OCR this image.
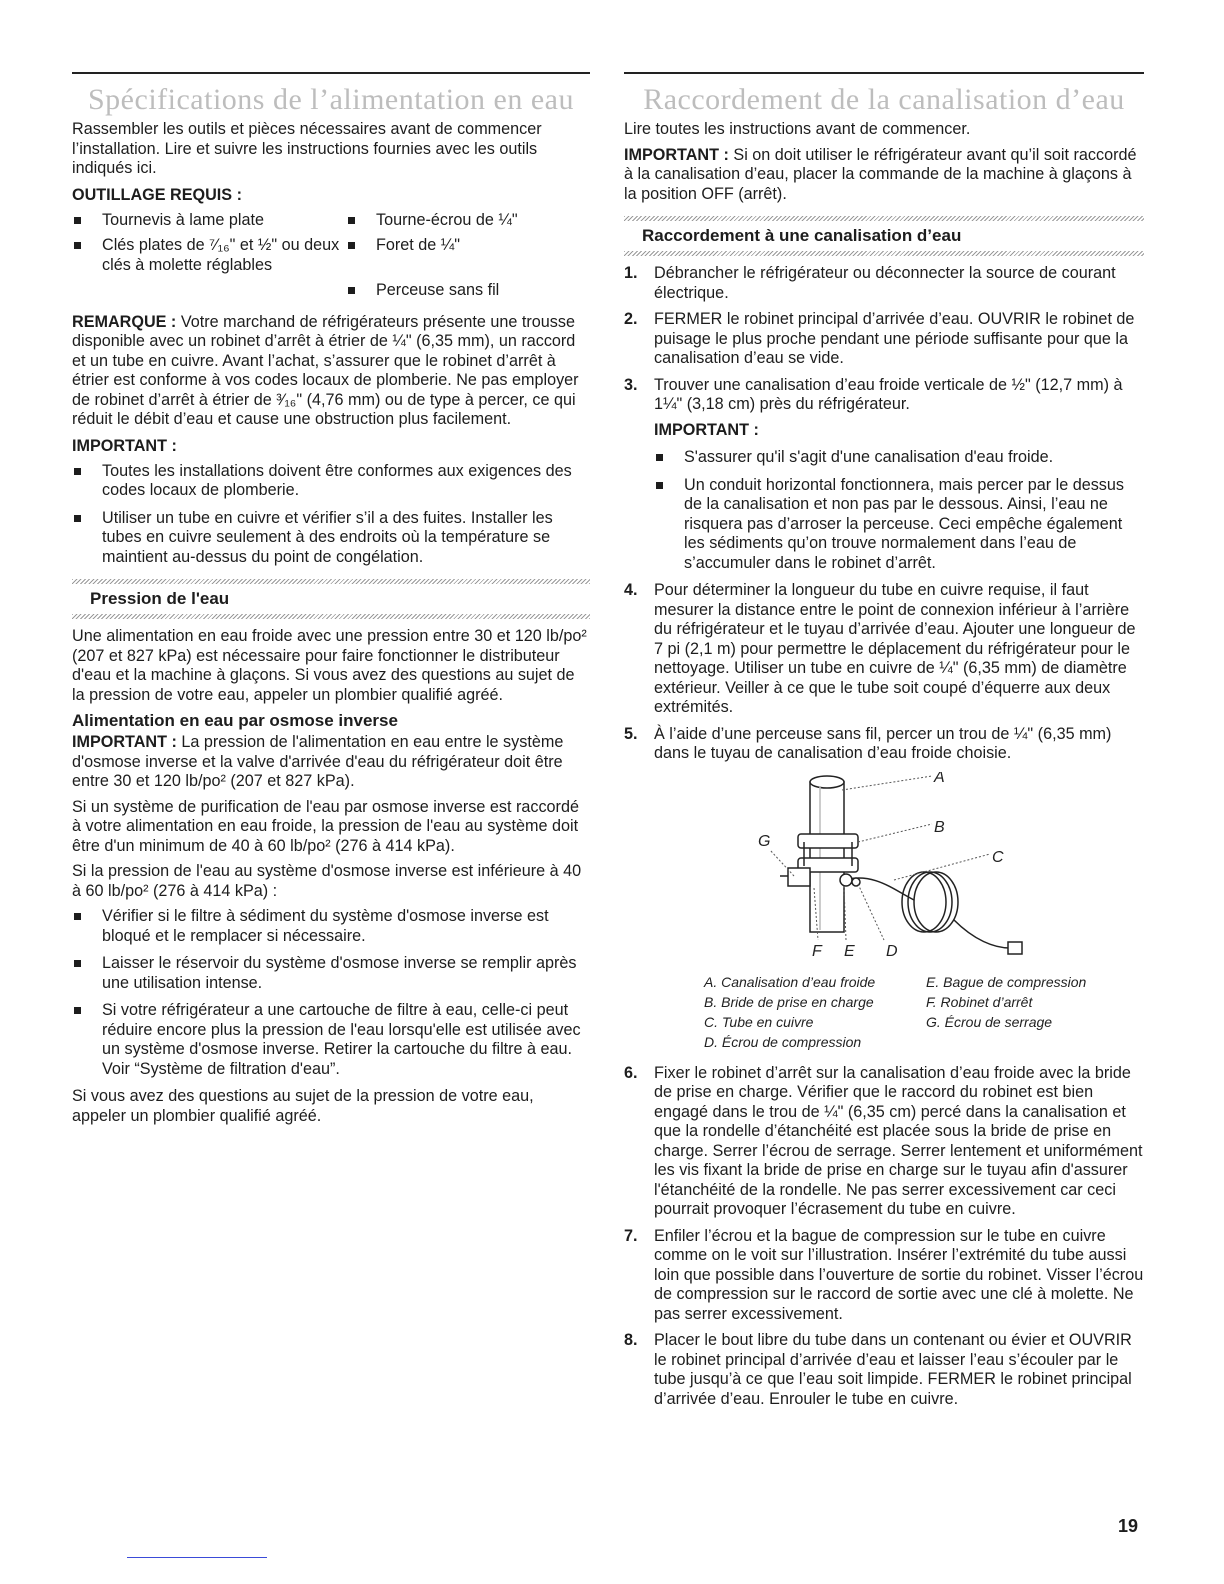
Spécifications de l’alimentation en eau

Rassembler les outils et pièces nécessaires avant de commencer l’installation. Lire et suivre les instructions fournies avec les outils indiqués ici.

OUTILLAGE REQUIS :
Tournevis à lame plate	Tourne-écrou de ¼"
Clés plates de ⁷⁄₁₆" et ½" ou deux clés à molette réglables
Foret de ¼"
Perceuse sans fil

REMARQUE : Votre marchand de réfrigérateurs présente une trousse disponible avec un robinet d’arrêt à étrier de ¼" (6,35 mm), un raccord et un tube en cuivre. Avant l’achat, s’assurer que le robinet d’arrêt à étrier est conforme à vos codes locaux de plomberie. Ne pas employer de robinet d’arrêt à étrier de ³⁄₁₆" (4,76 mm) ou de type à percer, ce qui réduit le débit d’eau et cause une obstruction plus facilement.

IMPORTANT :
Toutes les installations doivent être conformes aux exigences des codes locaux de plomberie.
Utiliser un tube en cuivre et vérifier s’il a des fuites. Installer les tubes en cuivre seulement à des endroits où la température se maintient au-dessus du point de congélation.
Pression de l'eau

Une alimentation en eau froide avec une pression entre 30 et 120 lb/po² (207 et 827 kPa) est nécessaire pour faire fonctionner le distributeur d'eau et la machine à glaçons. Si vous avez des questions au sujet de la pression de votre eau, appeler un plombier qualifié agréé.

Alimentation en eau par osmose inverse

IMPORTANT : La pression de l'alimentation en eau entre le système d'osmose inverse et la valve d'arrivée d'eau du réfrigérateur doit être entre 30 et 120 lb/po² (207 et 827 kPa).

Si un système de purification de l'eau par osmose inverse est raccordé à votre alimentation en eau froide, la pression de l'eau au système doit être d'un minimum de 40 à 60 lb/po² (276 à 414 kPa).

Si la pression de l'eau au système d'osmose inverse est inférieure à 40 à 60 lb/po² (276 à 414 kPa) :

Vérifier si le filtre à sédiment du système d'osmose inverse est bloqué et le remplacer si nécessaire.
Laisser le réservoir du système d'osmose inverse se remplir après une utilisation intense.
Si votre réfrigérateur a une cartouche de filtre à eau, celle-ci peut réduire encore plus la pression de l'eau lorsqu'elle est utilisée avec un système d'osmose inverse. Retirer la cartouche du filtre à eau. Voir “Système de filtration d'eau”.

Si vous avez des questions au sujet de la pression de votre eau, appeler un plombier qualifié agréé.

Raccordement de la canalisation d’eau

Lire toutes les instructions avant de commencer.

IMPORTANT : Si on doit utiliser le réfrigérateur avant qu’il soit raccordé à la canalisation d’eau, placer la commande de la machine à glaçons à la position OFF (arrêt).

Raccordement à une canalisation d’eau
1. Débrancher le réfrigérateur ou déconnecter la source de courant électrique.
2. FERMER le robinet principal d’arrivée d’eau. OUVRIR le robinet de puisage le plus proche pendant une période suffisante pour que la canalisation d’eau se vide.
3. Trouver une canalisation d’eau froide verticale de ½" (12,7 mm) à 1¼" (3,18 cm) près du réfrigérateur.
IMPORTANT :
S'assurer qu'il s'agit d'une canalisation d'eau froide.
Un conduit horizontal fonctionnera, mais percer par le dessus de la canalisation et non pas par le dessous. Ainsi, l’eau ne risquera pas d’arroser la perceuse. Ceci empêche également les sédiments qu’on trouve normalement dans l’eau de s’accumuler dans le robinet d’arrêt.
4. Pour déterminer la longueur du tube en cuivre requise, il faut mesurer la distance entre le point de connexion inférieur à l’arrière du réfrigérateur et le tuyau d’arrivée d’eau. Ajouter une longueur de 7 pi (2,1 m) pour permettre le déplacement du réfrigérateur pour le nettoyage. Utiliser un tube en cuivre de ¼" (6,35 mm) de diamètre extérieur. Veiller à ce que le tube soit coupé d’équerre aux deux extrémités.
5. À l’aide d’une perceuse sans fil, percer un trou de ¼" (6,35 mm) dans le tuyau de canalisation d’eau froide choisie.
A
B
C
D
E
F
G
A. Canalisation d’eau froide	E. Bague de compression
B. Bride de prise en charge	F. Robinet d’arrêt
C. Tube en cuivre	G. Écrou de serrage
D. Écrou de compression
6. Fixer le robinet d’arrêt sur la canalisation d’eau froide avec la bride de prise en charge. Vérifier que le raccord du robinet est bien engagé dans le trou de ¼" (6,35 cm) percé dans la canalisation et que la rondelle d’étanchéité est placée sous la bride de prise en charge. Serrer l’écrou de serrage. Serrer lentement et uniformément les vis fixant la bride de prise en charge sur le tuyau afin d'assurer l'étanchéité de la rondelle. Ne pas serrer excessivement car ceci pourrait provoquer l’écrasement du tube en cuivre.
7. Enfiler l’écrou et la bague de compression sur le tube en cuivre comme on le voit sur l’illustration. Insérer l’extrémité du tube aussi loin que possible dans l’ouverture de sortie du robinet. Visser l’écrou de compression sur le raccord de sortie avec une clé à molette. Ne pas serrer excessivement.
8. Placer le bout libre du tube dans un contenant ou évier et OUVRIR le robinet principal d’arrivée d’eau et laisser l’eau s’écouler par le tube jusqu’à ce que l’eau soit limpide. FERMER le robinet principal d’arrivée d’eau. Enrouler le tube en cuivre.
19
